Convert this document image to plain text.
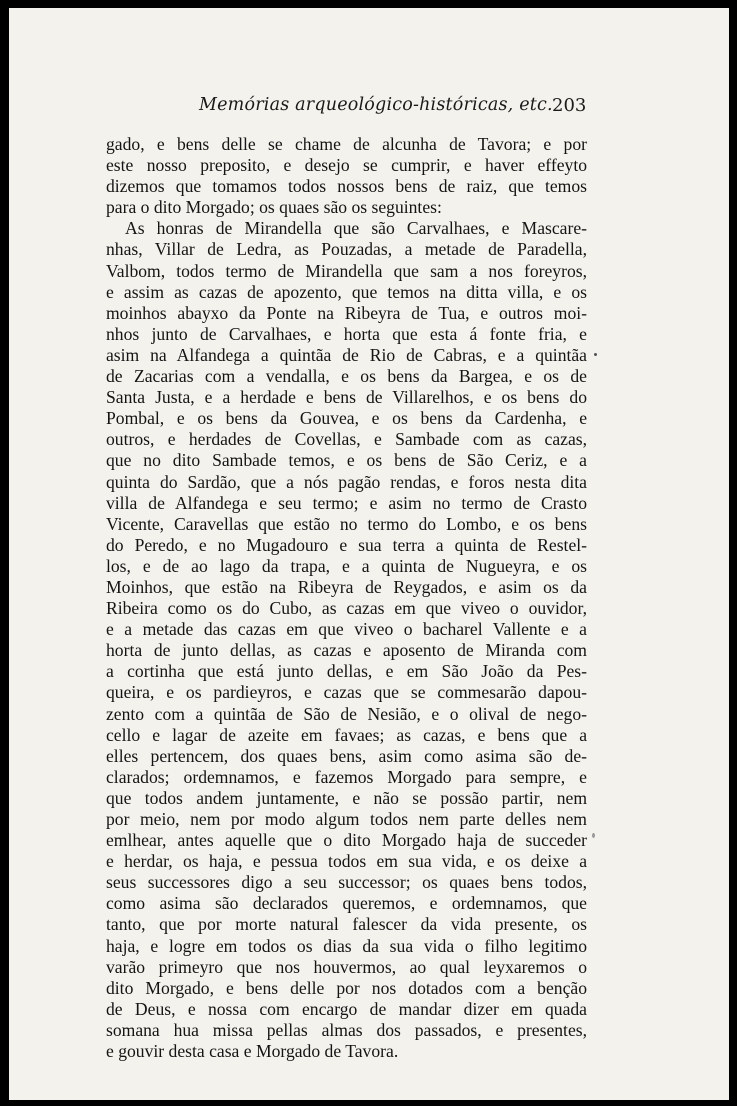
Memórias arqueológico-históricas, etc. 203
gado, e bens delle se chame de alcunha de Tavora; e por
este nosso preposito, e desejo se cumprir, e haver effeyto
dizemos que tomamos todos nossos bens de raiz, que temos
para o dito Morgado; os quaes são os seguintes:
As honras de Mirandella que são Carvalhaes, e Mascare-
nhas, Villar de Ledra, as Pouzadas, a metade de Paradella,
Valbom, todos termo de Mirandella que sam a nos foreyros,
e assim as cazas de apozento, que temos na ditta villa, e os
moinhos abayxo da Ponte na Ribeyra de Tua, e outros moi-
nhos junto de Carvalhaes, e horta que esta á fonte fria, e
asim na Alfandega a quintãa de Rio de Cabras, e a quintãa
de Zacarias com a vendalla, e os bens da Bargea, e os de
Santa Justa, e a herdade e bens de Villarelhos, e os bens do
Pombal, e os bens da Gouvea, e os bens da Cardenha, e
outros, e herdades de Covellas, e Sambade com as cazas,
que no dito Sambade temos, e os bens de São Ceriz, e a
quinta do Sardão, que a nós pagão rendas, e foros nesta dita
villa de Alfandega e seu termo; e asim no termo de Crasto
Vicente, Caravellas que estão no termo do Lombo, e os bens
do Peredo, e no Mugadouro e sua terra a quinta de Restel-
los, e de ao lago da trapa, e a quinta de Nugueyra, e os
Moinhos, que estão na Ribeyra de Reygados, e asim os da
Ribeira como os do Cubo, as cazas em que viveo o ouvidor,
e a metade das cazas em que viveo o bacharel Vallente e a
horta de junto dellas, as cazas e aposento de Miranda com
a cortinha que está junto dellas, e em São João da Pes-
queira, e os pardieyros, e cazas que se commesarão dapou-
zento com a quintãa de São de Nesião, e o olival de nego-
cello e lagar de azeite em favaes; as cazas, e bens que a
elles pertencem, dos quaes bens, asim como asima são de-
clarados; ordemnamos, e fazemos Morgado para sempre, e
que todos andem juntamente, e não se possão partir, nem
por meio, nem por modo algum todos nem parte delles nem
emlhear, antes aquelle que o dito Morgado haja de succeder
e herdar, os haja, e pessua todos em sua vida, e os deixe a
seus successores digo a seu successor; os quaes bens todos,
como asima são declarados queremos, e ordemnamos, que
tanto, que por morte natural falescer da vida presente, os
haja, e logre em todos os dias da sua vida o filho legitimo
varão primeyro que nos houvermos, ao qual leyxaremos o
dito Morgado, e bens delle por nos dotados com a benção
de Deus, e nossa com encargo de mandar dizer em quada
somana hua missa pellas almas dos passados, e presentes,
e gouvir desta casa e Morgado de Tavora.
